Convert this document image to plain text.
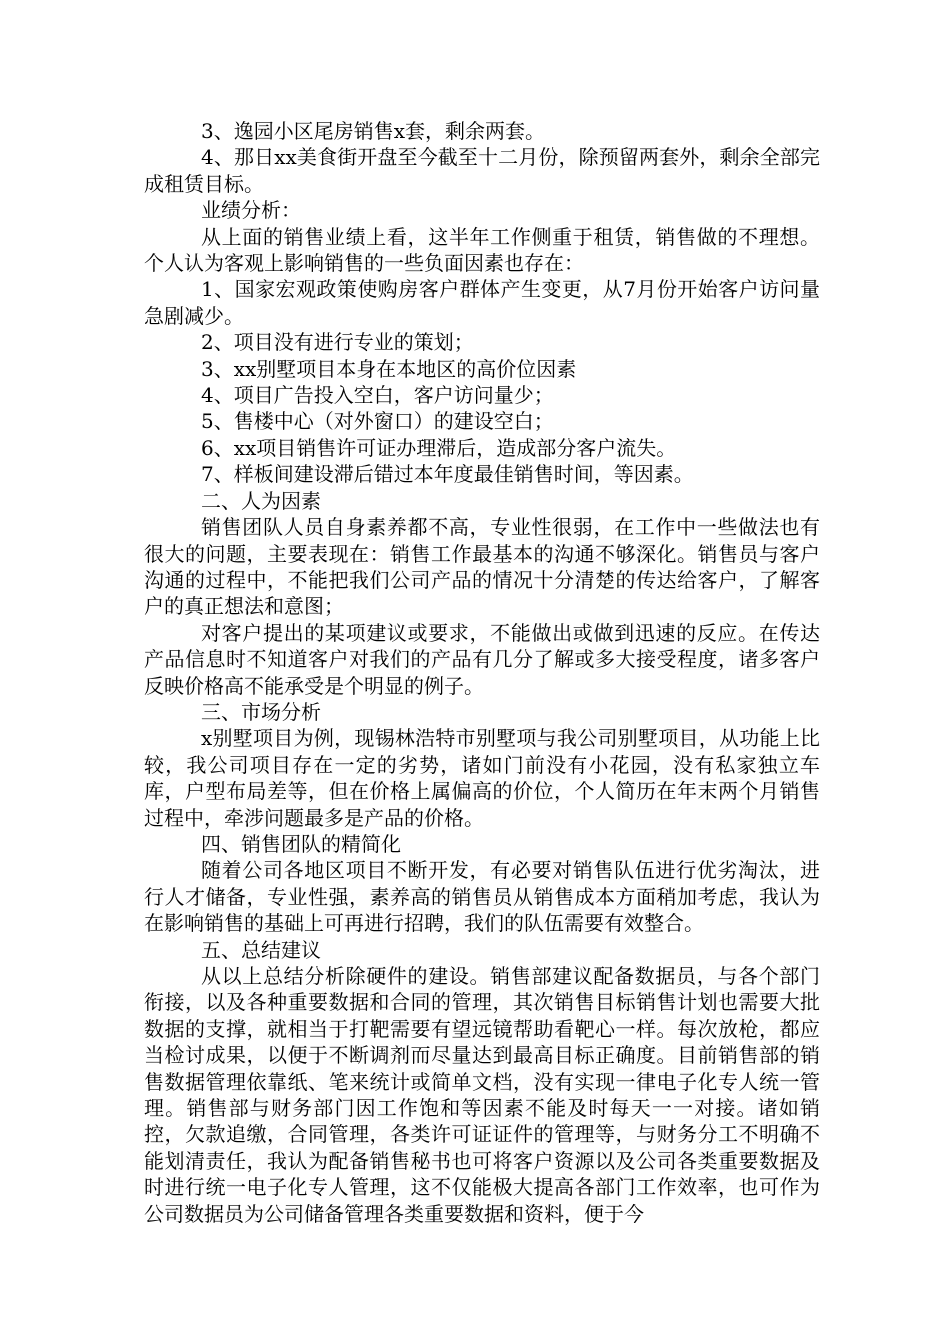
3、逸园小区尾房销售x套，剩余两套。

4、那日xx美食街开盘至今截至十二月份，除预留两套外，剩余全部完成租赁目标。

业绩分析：

从上面的销售业绩上看，这半年工作侧重于租赁，销售做的不理想。个人认为客观上影响销售的一些负面因素也存在：

1、国家宏观政策使购房客户群体产生变更，从7月份开始客户访问量急剧减少。

2、项目没有进行专业的策划；

3、xx别墅项目本身在本地区的高价位因素

4、项目广告投入空白，客户访问量少；

5、售楼中心（对外窗口）的建设空白；

6、xx项目销售许可证办理滞后，造成部分客户流失。

7、样板间建设滞后错过本年度最佳销售时间，等因素。

二、人为因素

销售团队人员自身素养都不高，专业性很弱，在工作中一些做法也有很大的问题，主要表现在：销售工作最基本的沟通不够深化。销售员与客户沟通的过程中，不能把我们公司产品的情况十分清楚的传达给客户，了解客户的真正想法和意图；

对客户提出的某项建议或要求，不能做出或做到迅速的反应。在传达产品信息时不知道客户对我们的产品有几分了解或多大接受程度，诸多客户反映价格高不能承受是个明显的例子。

三、市场分析

x别墅项目为例，现锡林浩特市别墅项与我公司别墅项目，从功能上比较，我公司项目存在一定的劣势，诸如门前没有小花园，没有私家独立车库，户型布局差等，但在价格上属偏高的价位，个人简历在年末两个月销售过程中，牵涉问题最多是产品的价格。

四、销售团队的精简化

随着公司各地区项目不断开发，有必要对销售队伍进行优劣淘汰，进行人才储备，专业性强，素养高的销售员从销售成本方面稍加考虑，我认为在影响销售的基础上可再进行招聘，我们的队伍需要有效整合。

五、总结建议

从以上总结分析除硬件的建设。销售部建议配备数据员，与各个部门衔接，以及各种重要数据和合同的管理，其次销售目标销售计划也需要大批数据的支撑，就相当于打靶需要有望远镜帮助看靶心一样。每次放枪，都应当检讨成果，以便于不断调剂而尽量达到最高目标正确度。目前销售部的销售数据管理依靠纸、笔来统计或简单文档，没有实现一律电子化专人统一管理。销售部与财务部门因工作饱和等因素不能及时每天一一对接。诸如销控，欠款追缴，合同管理，各类许可证证件的管理等，与财务分工不明确不能划清责任，我认为配备销售秘书也可将客户资源以及公司各类重要数据及时进行统一电子化专人管理，这不仅能极大提高各部门工作效率，也可作为公司数据员为公司储备管理各类重要数据和资料，便于今
